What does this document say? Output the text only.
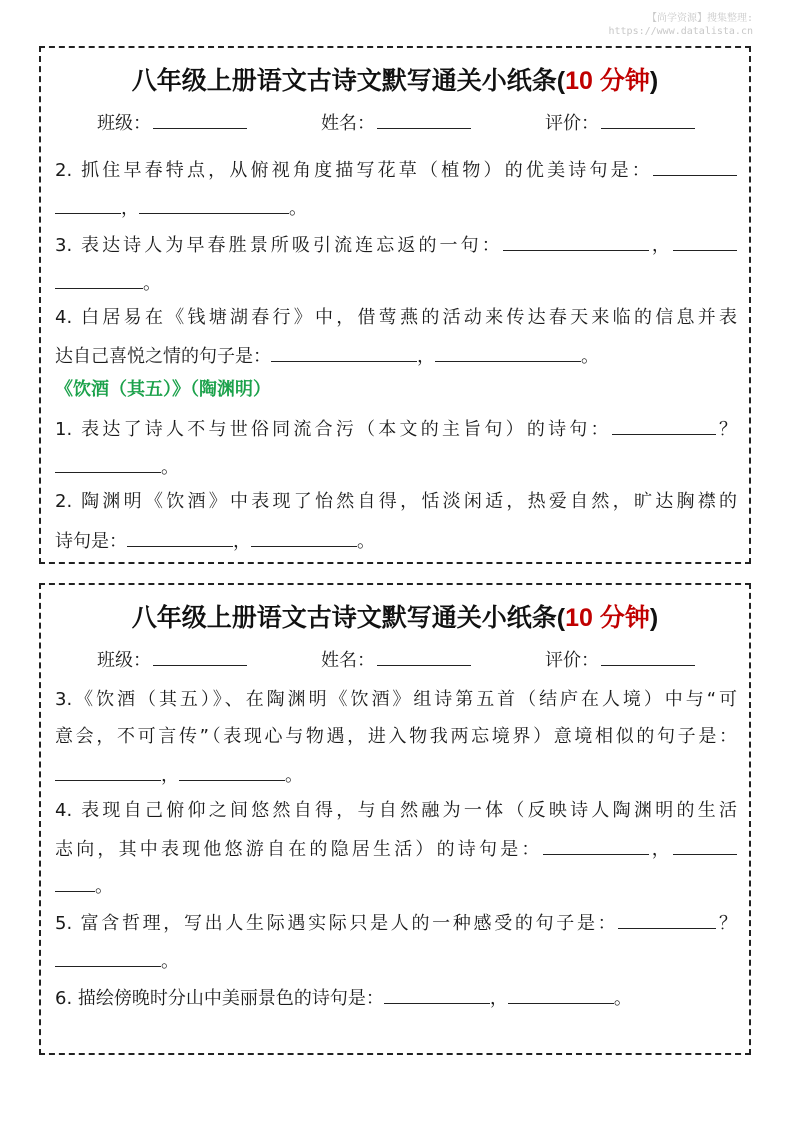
【尚学资源】搜集整理:
https://www.datalista.cn
八年级上册语文古诗文默写通关小纸条(10 分钟)
班级：	姓名：	评价：
2. 抓住早春特点，从俯视角度描写花草（植物）的优美诗句是：
，	。
3. 表达诗人为早春胜景所吸引流连忘返的一句：	，
。
4. 白居易在《钱塘湖春行》中，借莺燕的活动来传达春天来临的信息并表
达自己喜悦之情的句子是：	，	。
《饮酒（其五）》（陶渊明）
1. 表达了诗人不与世俗同流合污（本文的主旨句）的诗句：	？
。
2. 陶渊明《饮酒》中表现了怡然自得，恬淡闲适，热爱自然，旷达胸襟的
诗句是：	，	。
八年级上册语文古诗文默写通关小纸条(10 分钟)
班级：	姓名：	评价：
3.《饮酒（其五）》、在陶渊明《饮酒》组诗第五首（结庐在人境）中与“可
意会，不可言传”（表现心与物遇，进入物我两忘境界）意境相似的句子是：
，	。
4. 表现自己俯仰之间悠然自得，与自然融为一体（反映诗人陶渊明的生活
志向，其中表现他悠游自在的隐居生活）的诗句是：	，
。
5. 富含哲理，写出人生际遇实际只是人的一种感受的句子是：	？
。
6. 描绘傍晚时分山中美丽景色的诗句是：	，	。
